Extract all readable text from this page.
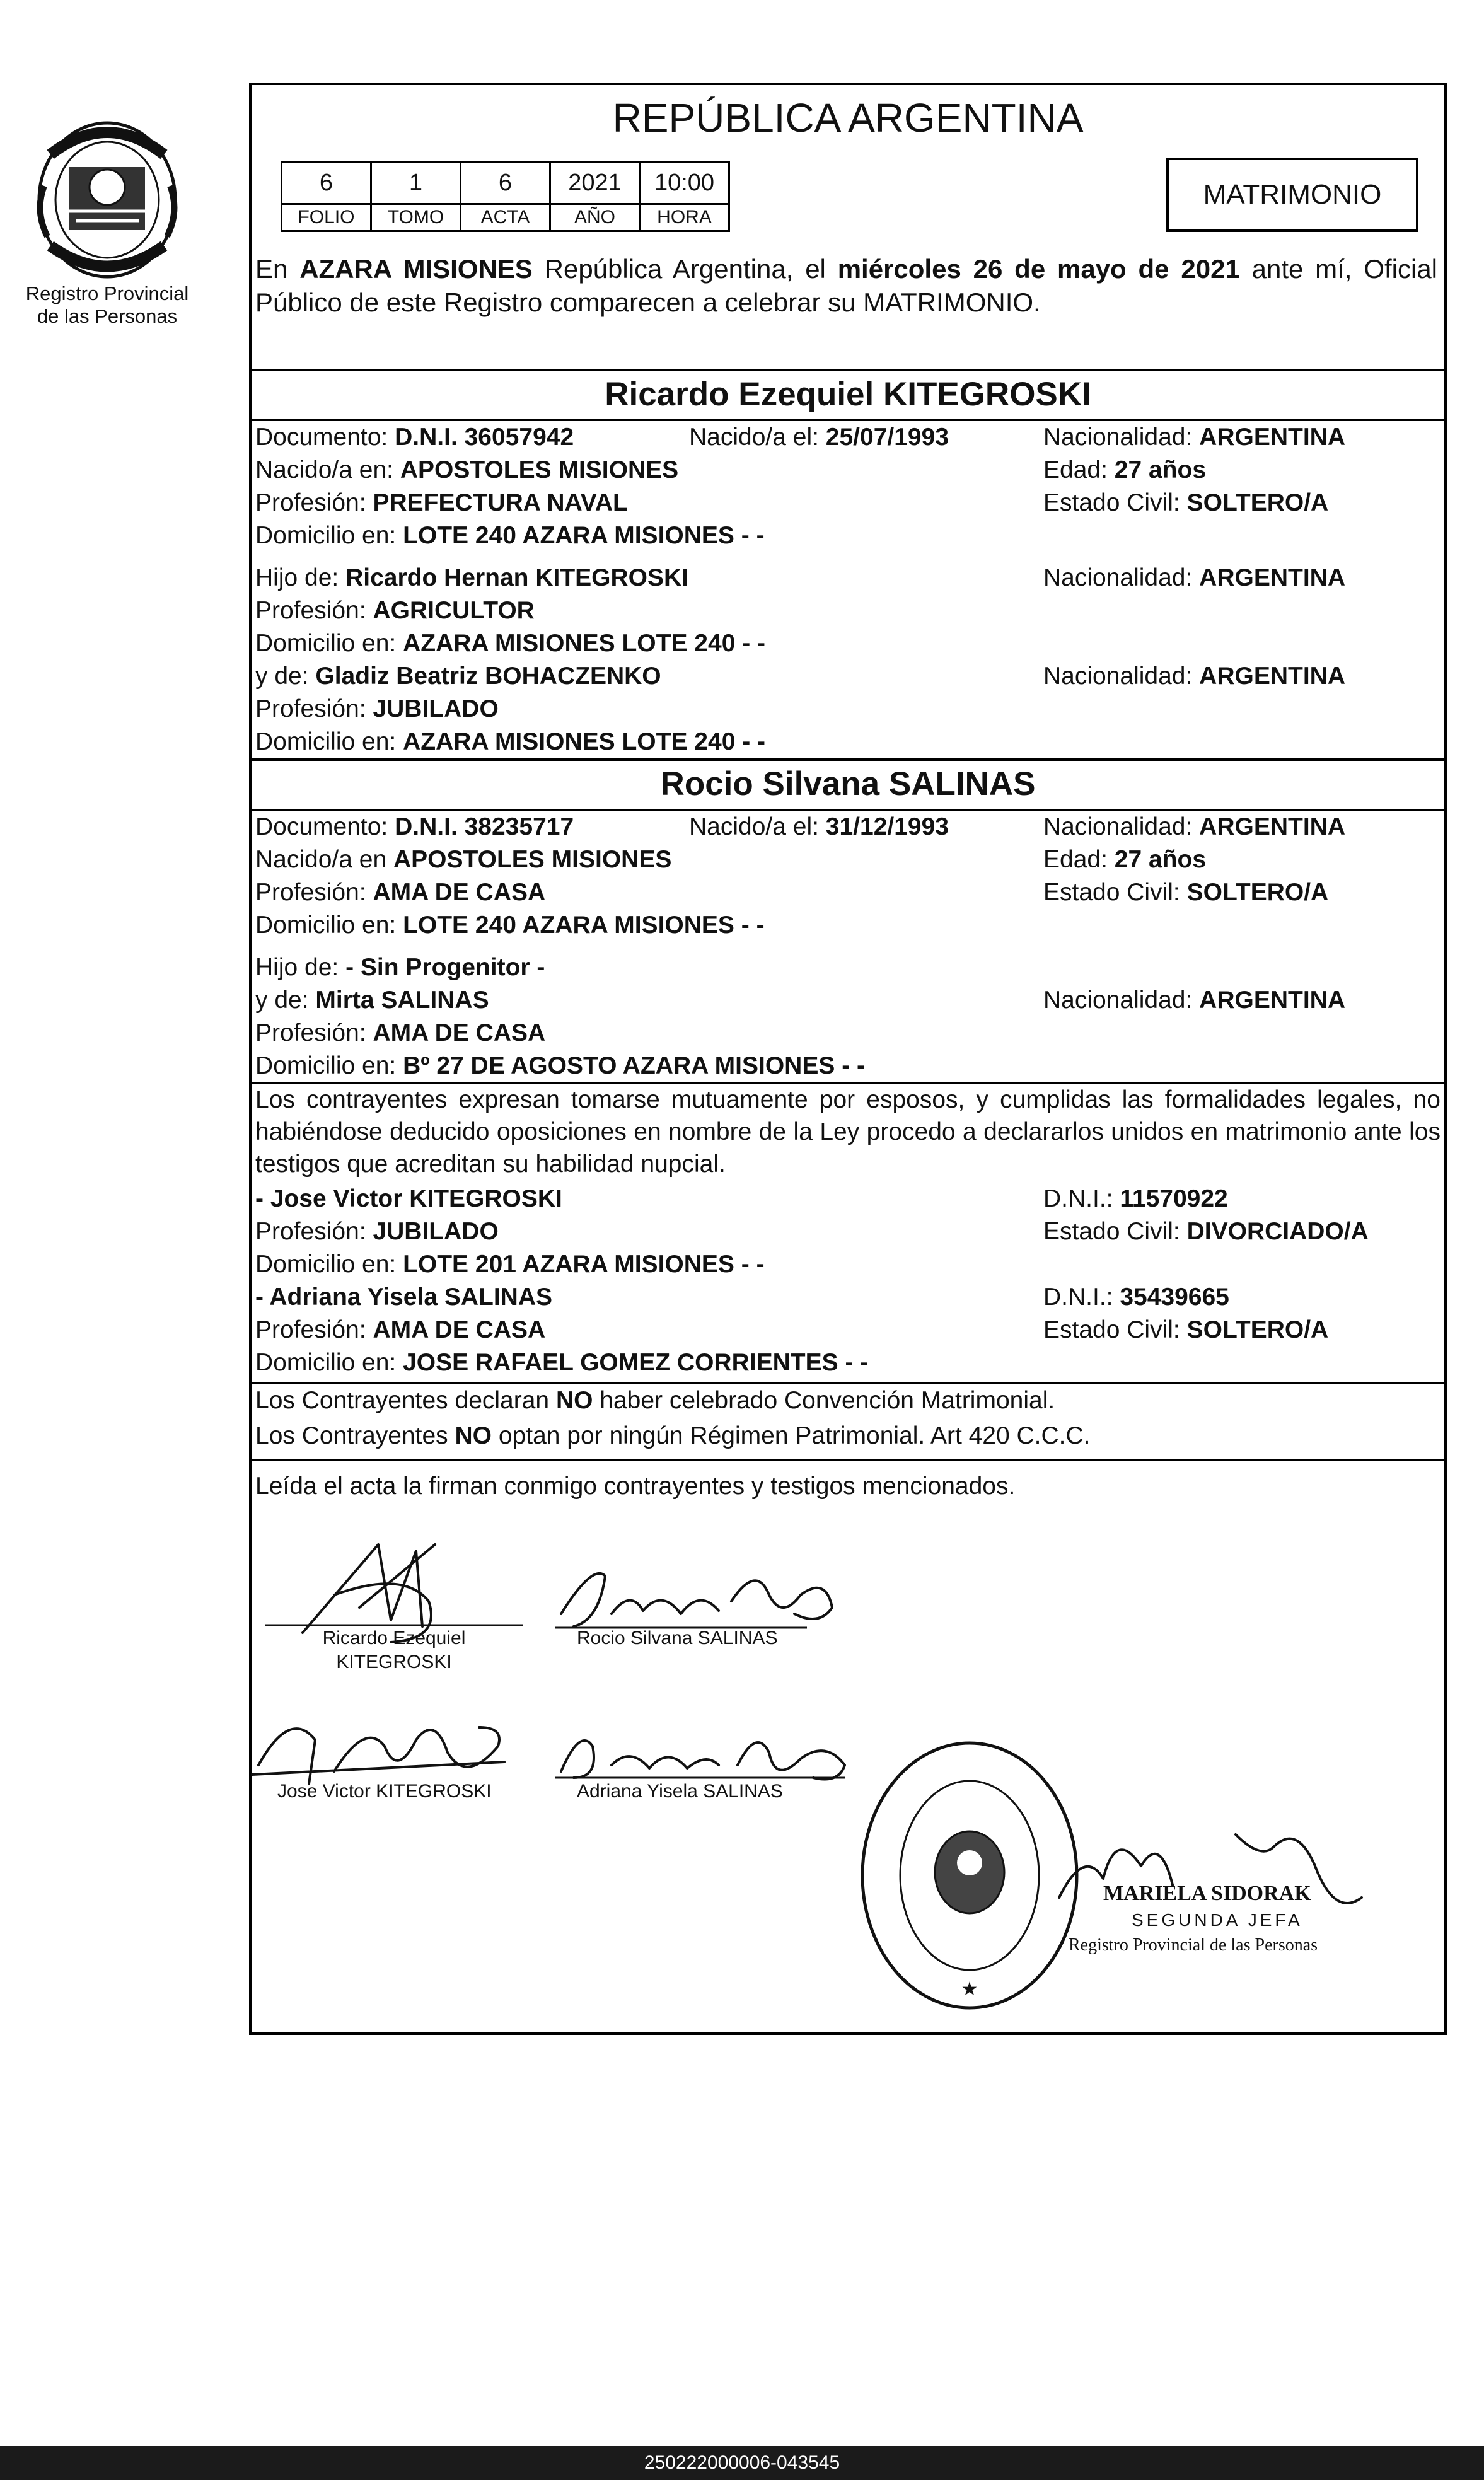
Registro Provincial
de las Personas
REPÚBLICA ARGENTINA
6	1	6	2021	10:00
FOLIO	TOMO	ACTA	AÑO	HORA
MATRIMONIO
En AZARA MISIONES República Argentina, el miércoles 26 de mayo de 2021 ante mí, Oficial Público de este Registro comparecen a celebrar su MATRIMONIO.
Ricardo Ezequiel KITEGROSKI
Documento: D.N.I. 36057942	Nacido/a el: 25/07/1993	Nacionalidad: ARGENTINA
Nacido/a en: APOSTOLES MISIONES	Edad: 27 años
Profesión: PREFECTURA NAVAL	Estado Civil: SOLTERO/A
Domicilio en: LOTE 240 AZARA MISIONES - -
Hijo de: Ricardo Hernan KITEGROSKI	Nacionalidad: ARGENTINA
Profesión: AGRICULTOR
Domicilio en: AZARA MISIONES LOTE 240 - -
y de: Gladiz Beatriz BOHACZENKO	Nacionalidad: ARGENTINA
Profesión: JUBILADO
Domicilio en: AZARA MISIONES LOTE 240 - -
Rocio Silvana SALINAS
Documento: D.N.I. 38235717	Nacido/a el: 31/12/1993	Nacionalidad: ARGENTINA
Nacido/a en APOSTOLES MISIONES	Edad: 27 años
Profesión: AMA DE CASA	Estado Civil: SOLTERO/A
Domicilio en: LOTE 240 AZARA MISIONES - -
Hijo de: - Sin Progenitor -
y de: Mirta SALINAS	Nacionalidad: ARGENTINA
Profesión: AMA DE CASA
Domicilio en: Bº 27 DE AGOSTO AZARA MISIONES - -
Los contrayentes expresan tomarse mutuamente por esposos, y cumplidas las formalidades legales, no habiéndose deducido oposiciones en nombre de la Ley procedo a declararlos unidos en matrimonio ante los testigos que acreditan su habilidad nupcial.
- Jose Victor KITEGROSKI	D.N.I.: 11570922
Profesión: JUBILADO	Estado Civil: DIVORCIADO/A
Domicilio en: LOTE 201 AZARA MISIONES - -
- Adriana Yisela SALINAS	D.N.I.: 35439665
Profesión: AMA DE CASA	Estado Civil: SOLTERO/A
Domicilio en: JOSE RAFAEL GOMEZ CORRIENTES - -
Los Contrayentes declaran NO haber celebrado Convención Matrimonial.
Los Contrayentes NO optan por ningún Régimen Patrimonial. Art 420 C.C.C.
Leída el acta la firman conmigo contrayentes y testigos mencionados.
Ricardo Ezequiel
KITEGROSKI
Rocio Silvana SALINAS
Jose Victor KITEGROSKI	Adriana Yisela SALINAS
★
MARIELA SIDORAK
SEGUNDA JEFA
Registro Provincial de las Personas
250222000006-043545
